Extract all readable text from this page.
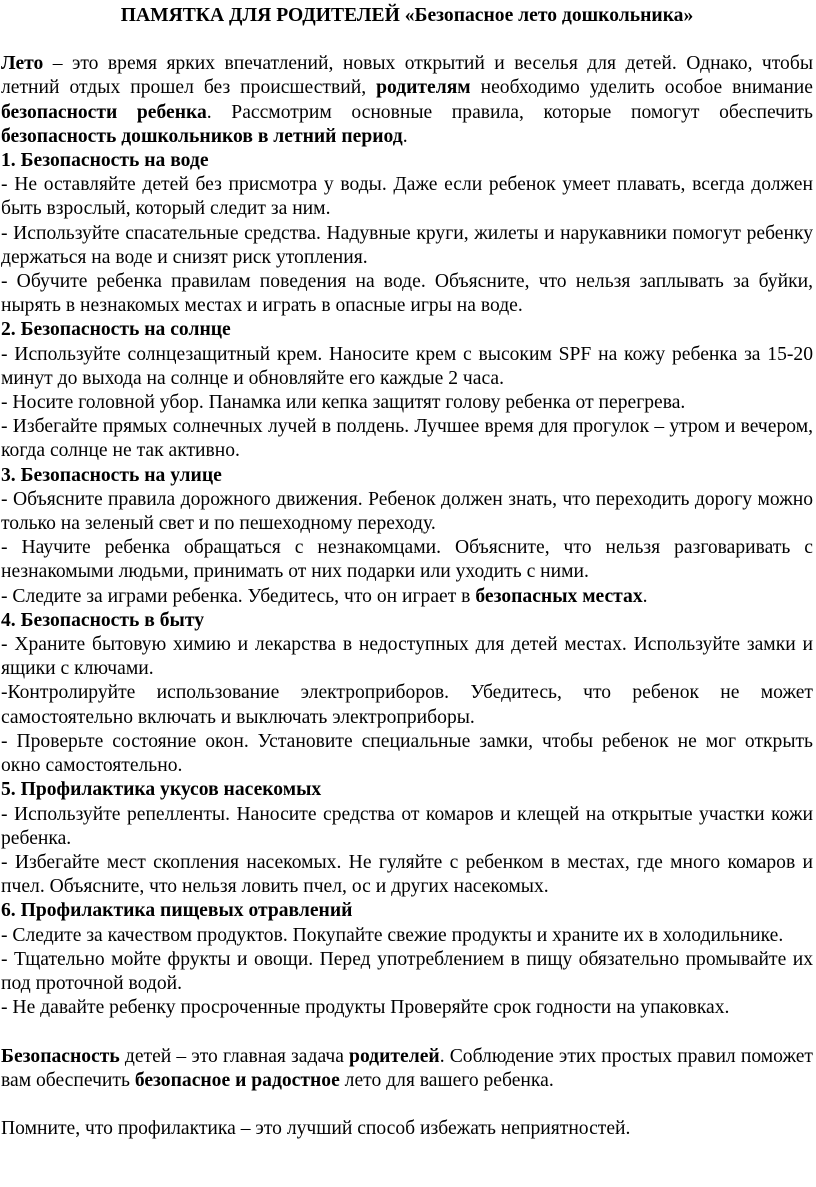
ПАМЯТКА ДЛЯ РОДИТЕЛЕЙ «Безопасное лето дошкольника»

Лето – это время ярких впечатлений, новых открытий и веселья для детей. Однако, чтобы летний отдых прошел без происшествий, родителям необходимо уделить особое внимание безопасности ребенка. Рассмотрим основные правила, которые помогут обеспечить безопасность дошкольников в летний период.

1. Безопасность на воде

- Не оставляйте детей без присмотра у воды. Даже если ребенок умеет плавать, всегда должен быть взрослый, который следит за ним.

- Используйте спасательные средства. Надувные круги, жилеты и нарукавники помогут ребенку держаться на воде и снизят риск утопления.

- Обучите ребенка правилам поведения на воде. Объясните, что нельзя заплывать за буйки, нырять в незнакомых местах и играть в опасные игры на воде.

2. Безопасность на солнце

- Используйте солнцезащитный крем. Наносите крем с высоким SPF на кожу ребенка за 15-20 минут до выхода на солнце и обновляйте его каждые 2 часа.

- Носите головной убор. Панамка или кепка защитят голову ребенка от перегрева.

- Избегайте прямых солнечных лучей в полдень. Лучшее время для прогулок – утром и вечером, когда солнце не так активно.

3. Безопасность на улице

- Объясните правила дорожного движения. Ребенок должен знать, что переходить дорогу можно только на зеленый свет и по пешеходному переходу.

- Научите ребенка обращаться с незнакомцами. Объясните, что нельзя разговаривать с незнакомыми людьми, принимать от них подарки или уходить с ними.

- Следите за играми ребенка. Убедитесь, что он играет в безопасных местах.

4. Безопасность в быту

- Храните бытовую химию и лекарства в недоступных для детей местах. Используйте замки и ящики с ключами.

-Контролируйте использование электроприборов. Убедитесь, что ребенок не может самостоятельно включать и выключать электроприборы.

- Проверьте состояние окон. Установите специальные замки, чтобы ребенок не мог открыть окно самостоятельно.

5. Профилактика укусов насекомых

- Используйте репелленты. Наносите средства от комаров и клещей на открытые участки кожи ребенка.

- Избегайте мест скопления насекомых. Не гуляйте с ребенком в местах, где много комаров и пчел. Объясните, что нельзя ловить пчел, ос и других насекомых.

6. Профилактика пищевых отравлений

- Следите за качеством продуктов. Покупайте свежие продукты и храните их в холодильнике.

- Тщательно мойте фрукты и овощи. Перед употреблением в пищу обязательно промывайте их под проточной водой.

- Не давайте ребенку просроченные продукты Проверяйте срок годности на упаковках.

Безопасность детей – это главная задача родителей. Соблюдение этих простых правил поможет вам обеспечить безопасное и радостное лето для вашего ребенка.

Помните, что профилактика – это лучший способ избежать неприятностей.
